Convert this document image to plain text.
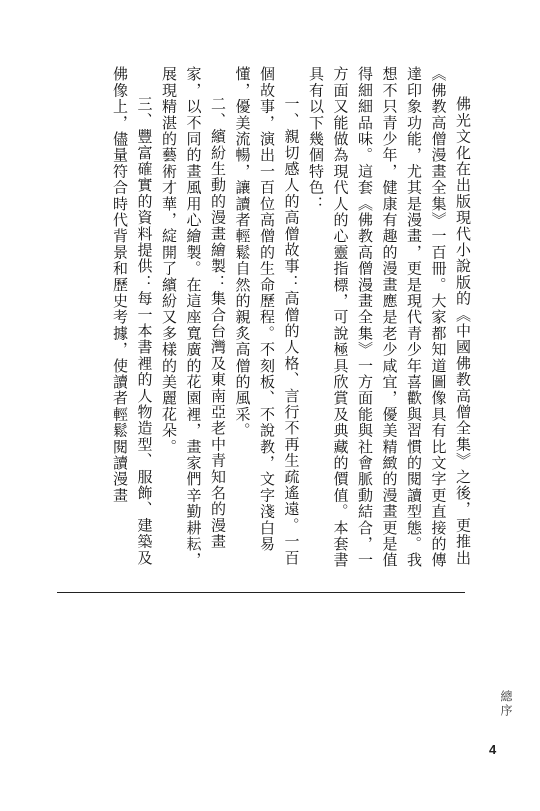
佛光文化在出版現代小說版的《中國佛教高僧全集》之後，更推出《佛教高僧漫畫全集》一百冊。大家都知道圖像具有比文字更直接的傳達印象功能，尤其是漫畫，更是現代青少年喜歡與習慣的閱讀型態。我想不只青少年，健康有趣的漫畫應是老少咸宜，優美精緻的漫畫更是值得細細品味。這套《佛教高僧漫畫全集》一方面能與社會脈動結合，一方面又能做為現代人的心靈指標，可說極具欣賞及典藏的價值。本套書具有以下幾個特色：

一、親切感人的高僧故事：高僧的人格、言行不再生疏遙遠。一百個故事，演出一百位高僧的生命歷程。不刻板、不說教，文字淺白易懂，優美流暢，讓讀者輕鬆自然的親炙高僧的風采。

二、繽紛生動的漫畫繪製：集合台灣及東南亞老中青知名的漫畫家，以不同的畫風用心繪製。在這座寬廣的花園裡，畫家們辛勤耕耘，展現精湛的藝術才華，綻開了繽紛又多樣的美麗花朵。

三、豐富確實的資料提供：每一本書裡的人物造型、服飾、建築及佛像上，儘量符合時代背景和歷史考據，使讀者輕鬆閱讀漫畫

總序
4
